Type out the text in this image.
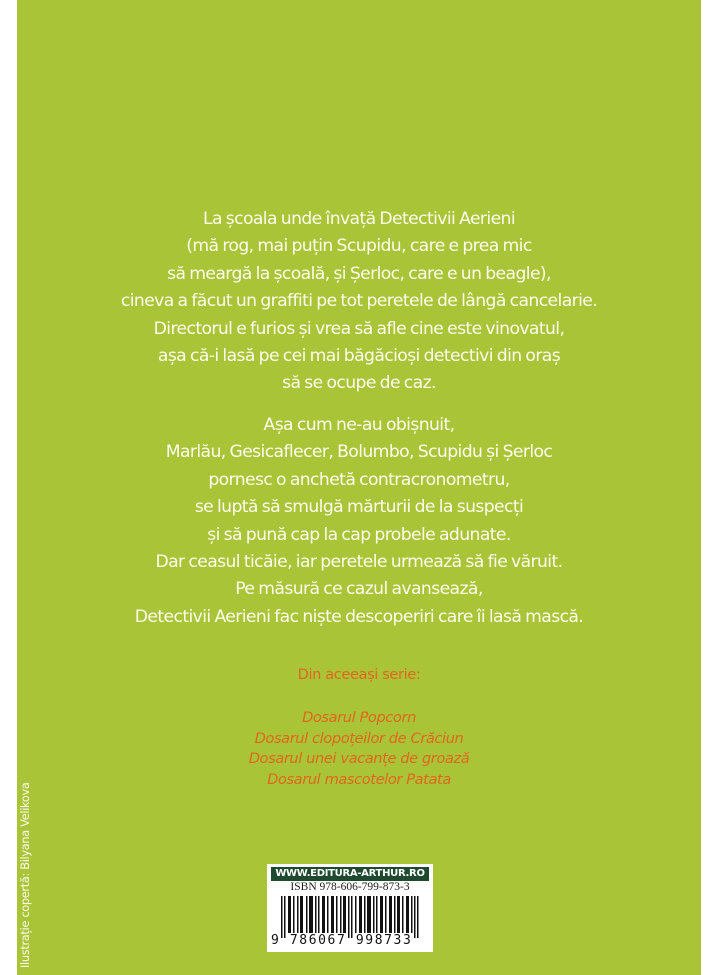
La școala unde învață Detectivii Aerieni
(mă rog, mai puțin Scupidu, care e prea mic
să meargă la școală, și Șerloc, care e un beagle),
cineva a făcut un graffiti pe tot peretele de lângă cancelarie.
Directorul e furios și vrea să afle cine este vinovatul,
așa că-i lasă pe cei mai băgăcioși detectivi din oraș
să se ocupe de caz.
Așa cum ne-au obișnuit,
Marlău, Gesicaflecer, Bolumbo, Scupidu și Șerloc
pornesc o anchetă contracronometru,
se luptă să smulgă mărturii de la suspecți
și să pună cap la cap probele adunate.
Dar ceasul ticăie, iar peretele urmează să fie văruit.
Pe măsură ce cazul avansează,
Detectivii Aerieni fac niște descoperiri care îi lasă mască.
Din aceeași serie:
Dosarul Popcorn
Dosarul clopoțeilor de Crăciun
Dosarul unei vacanțe de groază
Dosarul mascotelor Patata
Ilustrație copertă: Bilyana Velikova	WWW.EDITURA-ARTHUR.RO
ISBN 978-606-799-873-3
9 786067 998733
